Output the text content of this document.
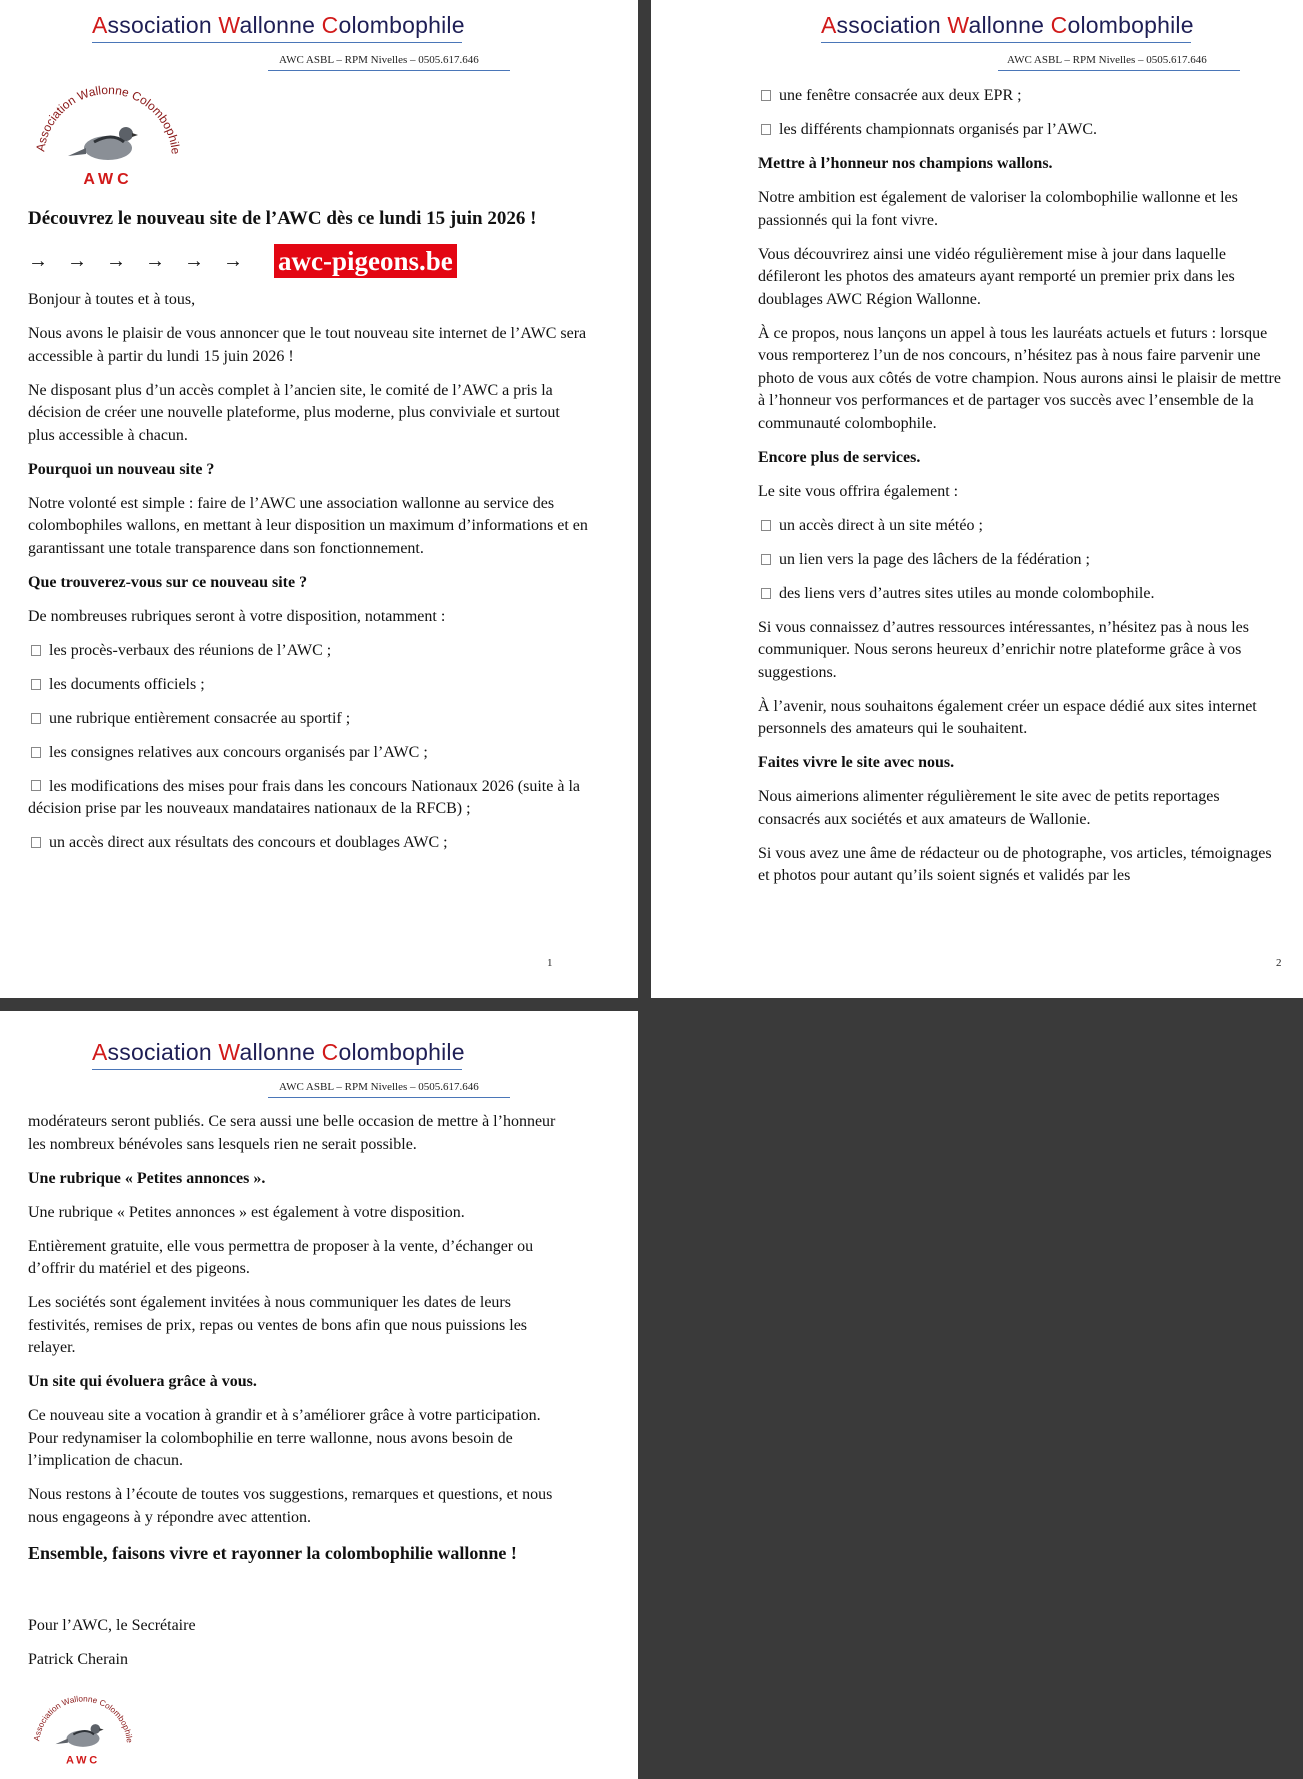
Association Wallonne Colombophile
AWC ASBL – RPM Nivelles – 0505.617.646
Association Wallonne Colombophile
AWC

Découvrez le nouveau site de l’AWC dès ce lundi 15 juin 2026 !

→ → → → → → awc-pigeons.be

Bonjour à toutes et à tous,

Nous avons le plaisir de vous annoncer que le tout nouveau site internet de l’AWC sera accessible à partir du lundi 15 juin 2026 !

Ne disposant plus d’un accès complet à l’ancien site, le comité de l’AWC a pris la décision de créer une nouvelle plateforme, plus moderne, plus conviviale et surtout plus accessible à chacun.

Pourquoi un nouveau site ?

Notre volonté est simple : faire de l’AWC une association wallonne au service des colombophiles wallons, en mettant à leur disposition un maximum d’informations et en garantissant une totale transparence dans son fonctionnement.

Que trouverez-vous sur ce nouveau site ?

De nombreuses rubriques seront à votre disposition, notamment :

les procès-verbaux des réunions de l’AWC ;

les documents officiels ;

une rubrique entièrement consacrée au sportif ;

les consignes relatives aux concours organisés par l’AWC ;

les modifications des mises pour frais dans les concours Nationaux 2026 (suite à la décision prise par les nouveaux mandataires nationaux de la RFCB) ;

un accès direct aux résultats des concours et doublages AWC ;

1
Association Wallonne Colombophile
AWC ASBL – RPM Nivelles – 0505.617.646

une fenêtre consacrée aux deux EPR ;

les différents championnats organisés par l’AWC.

Mettre à l’honneur nos champions wallons.

Notre ambition est également de valoriser la colombophilie wallonne et les passionnés qui la font vivre.

Vous découvrirez ainsi une vidéo régulièrement mise à jour dans laquelle défileront les photos des amateurs ayant remporté un premier prix dans les doublages AWC Région Wallonne.

À ce propos, nous lançons un appel à tous les lauréats actuels et futurs : lorsque vous remporterez l’un de nos concours, n’hésitez pas à nous faire parvenir une photo de vous aux côtés de votre champion. Nous aurons ainsi le plaisir de mettre à l’honneur vos performances et de partager vos succès avec l’ensemble de la communauté colombophile.

Encore plus de services.

Le site vous offrira également :

un accès direct à un site météo ;

un lien vers la page des lâchers de la fédération ;

des liens vers d’autres sites utiles au monde colombophile.

Si vous connaissez d’autres ressources intéressantes, n’hésitez pas à nous les communiquer. Nous serons heureux d’enrichir notre plateforme grâce à vos suggestions.

À l’avenir, nous souhaitons également créer un espace dédié aux sites internet personnels des amateurs qui le souhaitent.

Faites vivre le site avec nous.

Nous aimerions alimenter régulièrement le site avec de petits reportages consacrés aux sociétés et aux amateurs de Wallonie.

Si vous avez une âme de rédacteur ou de photographe, vos articles, témoignages et photos pour autant qu’ils soient signés et validés par les

2
Association Wallonne Colombophile
AWC ASBL – RPM Nivelles – 0505.617.646

modérateurs seront publiés. Ce sera aussi une belle occasion de mettre à l’honneur les nombreux bénévoles sans lesquels rien ne serait possible.

Une rubrique « Petites annonces ».

Une rubrique « Petites annonces » est également à votre disposition.

Entièrement gratuite, elle vous permettra de proposer à la vente, d’échanger ou d’offrir du matériel et des pigeons.

Les sociétés sont également invitées à nous communiquer les dates de leurs festivités, remises de prix, repas ou ventes de bons afin que nous puissions les relayer.

Un site qui évoluera grâce à vous.

Ce nouveau site a vocation à grandir et à s’améliorer grâce à votre participation. Pour redynamiser la colombophilie en terre wallonne, nous avons besoin de l’implication de chacun.

Nous restons à l’écoute de toutes vos suggestions, remarques et questions, et nous nous engageons à y répondre avec attention.

Ensemble, faisons vivre et rayonner la colombophilie wallonne !

Pour l’AWC, le Secrétaire

Patrick Cherain

Association Wallonne Colombophile
AWC
